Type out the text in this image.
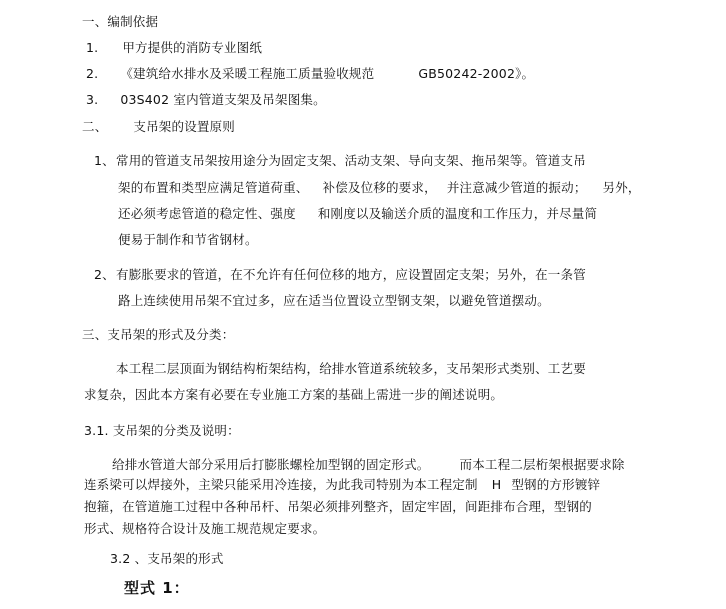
一、编制依据
1. 甲方提供的消防专业图纸
2. 《建筑给水排水及采暖工程施工质量验收规范	GB50242-2002》。
3. 03S402 室内管道支架及吊架图集。
二、 支吊架的设置原则
1、 常用的管道支吊架按用途分为固定支架、活动支架、导向支架、拖吊架等。管道支吊
架的布置和类型应满足管道荷重、 补偿及位移的要求， 并注意减少管道的振动； 另外，
还必须考虑管道的稳定性、强度 和刚度以及输送介质的温度和工作压力，并尽量简
便易于制作和节省钢材。
2、 有膨胀要求的管道，在不允许有任何位移的地方，应设置固定支架；另外，在一条管
路上连续使用吊架不宜过多，应在适当位置设立型钢支架，以避免管道摆动。
三、支吊架的形式及分类：
本工程二层顶面为钢结构桁架结构，给排水管道系统较多，支吊架形式类别、工艺要
求复杂，因此本方案有必要在专业施工方案的基础上需进一步的阐述说明。
3.1. 支吊架的分类及说明：
给排水管道大部分采用后打膨胀螺栓加型钢的固定形式。 而本工程二层桁架根据要求除
连系梁可以焊接外，主梁只能采用冷连接，为此我司特别为本工程定制 H 型钢的方形镀锌
抱箍，在管道施工过程中各种吊杆、吊架必须排列整齐，固定牢固，间距排布合理，型钢的
形式、规格符合设计及施工规范规定要求。
3.2 、支吊架的形式
型式 1：
